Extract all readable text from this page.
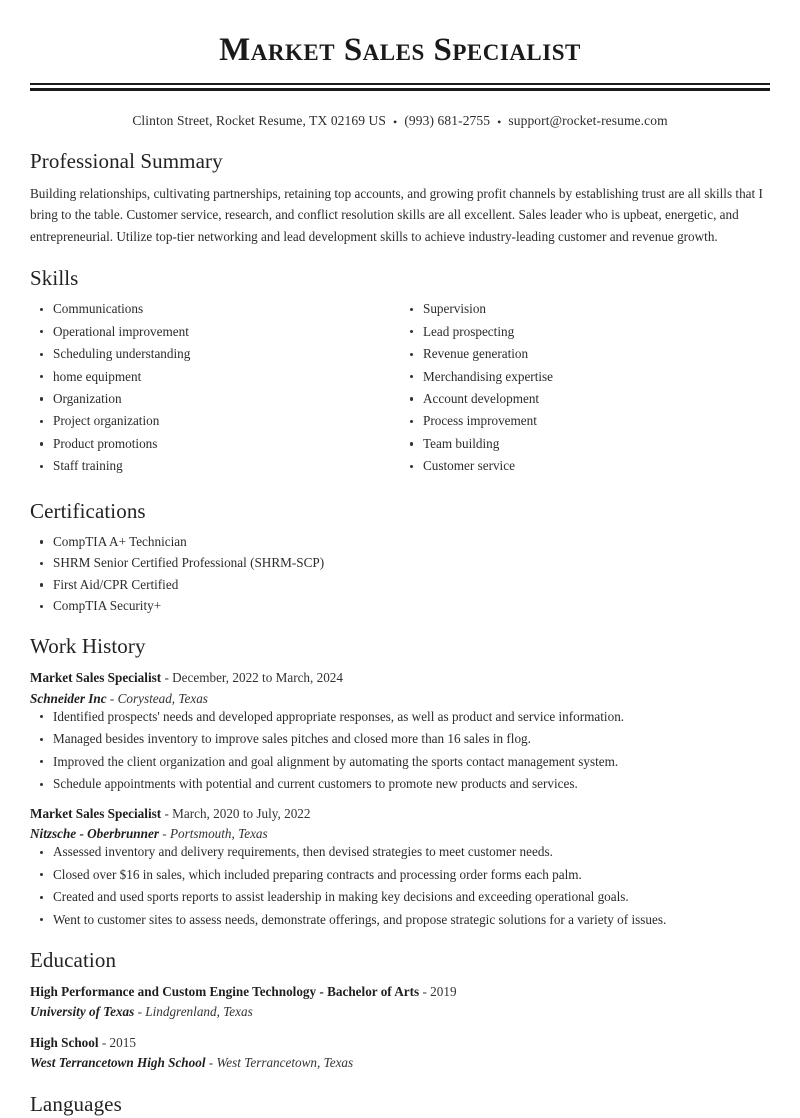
Market Sales Specialist
Clinton Street, Rocket Resume, TX 02169 US • (993) 681-2755 • support@rocket-resume.com
Professional Summary

Building relationships, cultivating partnerships, retaining top accounts, and growing profit channels by establishing trust are all skills that I bring to the table. Customer service, research, and conflict resolution skills are all excellent. Sales leader who is upbeat, energetic, and entrepreneurial. Utilize top-tier networking and lead development skills to achieve industry-leading customer and revenue growth.

Skills
Communications
Operational improvement
Scheduling understanding
home equipment
Organization
Project organization
Product promotions
Staff training
Supervision
Lead prospecting
Revenue generation
Merchandising expertise
Account development
Process improvement
Team building
Customer service
Certifications
CompTIA A+ Technician
SHRM Senior Certified Professional (SHRM-SCP)
First Aid/CPR Certified
CompTIA Security+
Work History
Market Sales Specialist - December, 2022 to March, 2024
Schneider Inc - Corystead, Texas
Identified prospects' needs and developed appropriate responses, as well as product and service information.
Managed besides inventory to improve sales pitches and closed more than 16 sales in flog.
Improved the client organization and goal alignment by automating the sports contact management system.
Schedule appointments with potential and current customers to promote new products and services.
Market Sales Specialist - March, 2020 to July, 2022
Nitzsche - Oberbrunner - Portsmouth, Texas
Assessed inventory and delivery requirements, then devised strategies to meet customer needs.
Closed over $16 in sales, which included preparing contracts and processing order forms each palm.
Created and used sports reports to assist leadership in making key decisions and exceeding operational goals.
Went to customer sites to assess needs, demonstrate offerings, and propose strategic solutions for a variety of issues.
Education
High Performance and Custom Engine Technology - Bachelor of Arts - 2019
University of Texas - Lindgrenland, Texas
High School - 2015
West Terrancetown High School - West Terrancetown, Texas
Languages
